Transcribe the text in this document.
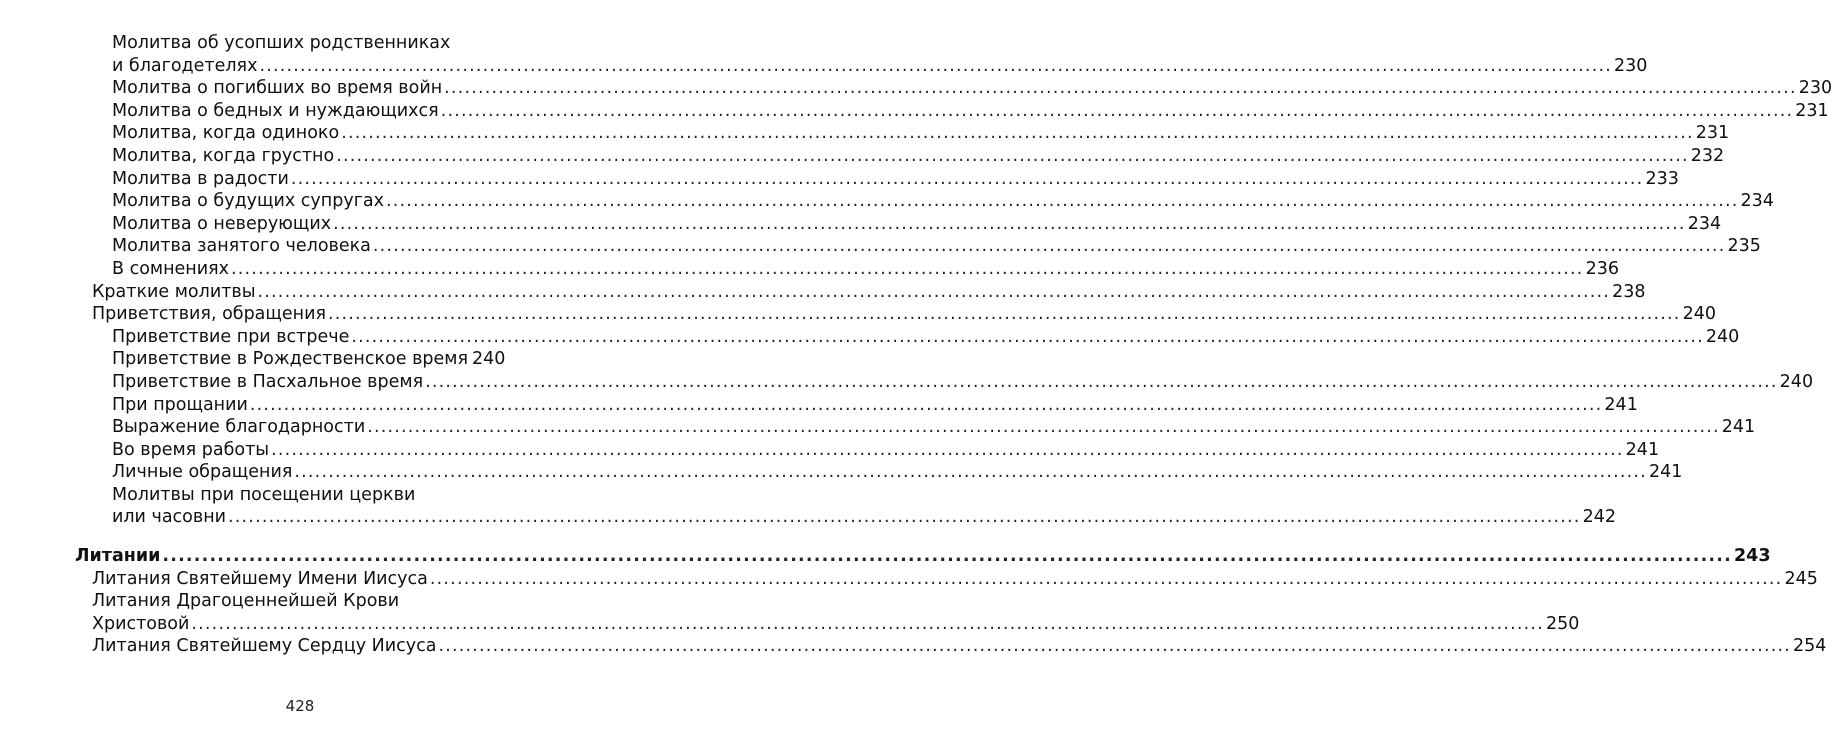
Молитва об усопших родственниках
и благодетелях ........................................................................................................................................................................................................ 230
Молитва о погибших во время войн ........................................................................................................................................................................................................ 230
Молитва о бедных и нуждающихся ........................................................................................................................................................................................................ 231
Молитва, когда одиноко ........................................................................................................................................................................................................ 231
Молитва, когда грустно ........................................................................................................................................................................................................ 232
Молитва в радости ........................................................................................................................................................................................................ 233
Молитва о будущих супругах ........................................................................................................................................................................................................ 234
Молитва о неверующих ........................................................................................................................................................................................................ 234
Молитва занятого человека ........................................................................................................................................................................................................ 235
В сомнениях ........................................................................................................................................................................................................ 236
Краткие молитвы ........................................................................................................................................................................................................ 238
Приветствия, обращения ........................................................................................................................................................................................................ 240
Приветствие при встрече ........................................................................................................................................................................................................ 240
Приветствие в Рождественское время 240
Приветствие в Пасхальное время ........................................................................................................................................................................................................ 240
При прощании ........................................................................................................................................................................................................ 241
Выражение благодарности ........................................................................................................................................................................................................ 241
Во время работы ........................................................................................................................................................................................................ 241
Личные обращения ........................................................................................................................................................................................................ 241
Молитвы при посещении церкви
или часовни ........................................................................................................................................................................................................ 242
Литании ........................................................................................................................................................................................................ 243
Литания Святейшему Имени Иисуса ........................................................................................................................................................................................................ 245
Литания Драгоценнейшей Крови
Христовой ........................................................................................................................................................................................................ 250
Литания Святейшему Сердцу Иисуса ........................................................................................................................................................................................................ 254
428
